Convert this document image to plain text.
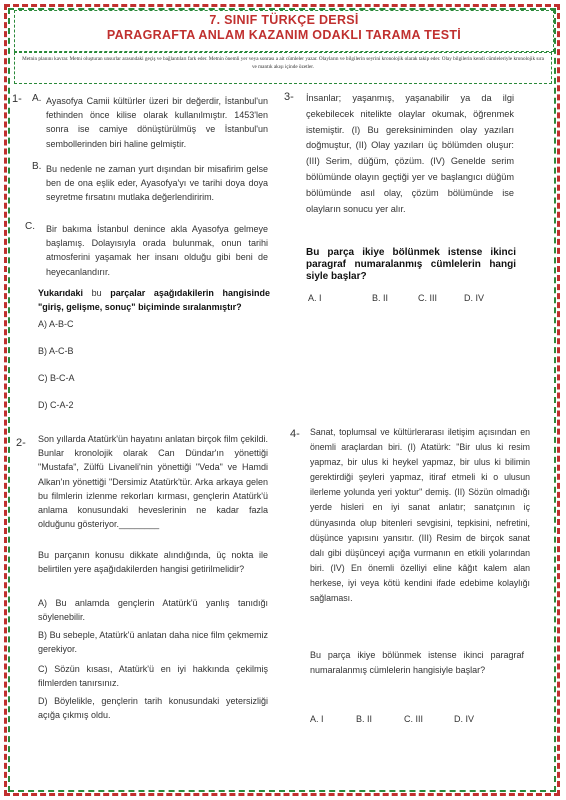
7. SINIF TÜRKÇE DERSİ
PARAGRAFTA ANLAM KAZANIM ODAKLI TARAMA TESTİ
Metnin planını kavrar. Metni oluşturan unsurlar arasındaki geçiş ve bağlantıları fark eder. Metnin önemli yer veya sonrası a ait cümleler yazar. Olayların ve bilgilerin seyrini kronolojik olarak takip eder. Olay bilgilerin kendi cümleleriyle kronolojik sıra ve mantık akışı içinde özetler.
1- A. Ayasofya Camii kültürler üzeri bir değerdir, İstanbul'un fethinden önce kilise olarak kullanılmıştır. 1453'len sonra ise camiye dönüştürülmüş ve İstanbul'un sembollerinden biri haline gelmiştir.

B. Bu nedenle ne zaman yurt dışından bir misafirim gelse ben de ona eşlik eder, Ayasofya'yı ve tarihi doya doya seyretme fırsatını mutlaka değerlendiririm.

C. Bir bakıma İstanbul denince akla Ayasofya gelmeye başlamış. Dolayısıyla orada bulunmak, onun tarihi atmosferini yaşamak her insanı olduğu gibi beni de heyecanlandırır.

Yukarıdaki bu parçalar aşağıdakilerin hangisinde "giriş, gelişme, sonuç" biçiminde sıralanmıştır?

A) A-B-C
B) A-C-B
C) B-C-A
D) C-A-2
2- Son yıllarda Atatürk'ün hayatını anlatan birçok film çekildi. Bunlar kronolojik olarak Can Dündar'ın yönettiği "Mustafa", Zülfü Livaneli'nin yönettiği "Veda" ve Hamdi Alkan'ın yönettiği "Dersimiz Atatürk'tür. Arka arkaya gelen bu filmlerin izlenme rekorları kırması, gençlerin Atatürk'ü anlama konusundaki heveslerinin ne kadar fazla olduğunu gösteriyor.________

Bu parçanın konusu dikkate alındığında, üç nokta ile belirtilen yere aşağıdakilerden hangisi getirilmelidir?

A) Bu anlamda gençlerin Atatürk'ü yanlış tanıdığı söylenebilir.

B) Bu sebeple, Atatürk'ü anlatan daha nice film çekmemiz gerekiyor.

C) Sözün kısası, Atatürk'ü en iyi hakkında çekilmiş filmlerden tanırsınız.

D) Böylelikle, gençlerin tarih konusundaki yetersizliği açığa çıkmış oldu.

3- İnsanlar; yaşanmış, yaşanabilir ya da ilgi çekebilecek nitelikte olaylar okumak, öğrenmek istemiştir. (I) Bu gereksiniminden olay yazıları doğmuştur, (II) Olay yazıları üç bölümden oluşur: (III) Serim, düğüm, çözüm. (IV) Genelde serim bölümünde olayın geçtiği yer ve başlangıcı düğüm bölümünde asıl olay, çözüm bölümünde ise olayların sonucu yer alır.

Bu parça ikiye bölünmek istense ikinci paragraf numaralanmış cümlelerin hangi siyle başlar?

A. I	B. II	C. III	D. IV
4- Sanat, toplumsal ve kültürlerarası iletişim açısından en önemli araçlardan biri. (I) Atatürk: "Bir ulus ki resim yapmaz, bir ulus ki heykel yapmaz, bir ulus ki bilimin gerektirdiği şeyleri yapmaz, itiraf etmeli ki o ulusun ilerleme yolunda yeri yoktur" demiş. (II) Sözün olmadığı yerde hisleri en iyi sanat anlatır; sanatçının iç dünyasında olup bitenleri sevgisini, tepkisini, nefretini, düşünce yapısını yansıtır. (III) Resim de birçok sanat dalı gibi düşünceyi açığa vurmanın en etkili yolarından biri. (IV) En önemli özelliyi eline kâğıt kalem alan herkese, iyi veya kötü kendini ifade edebime kolaylığı sağlaması.

Bu parça ikiye bölünmek istense ikinci paragraf numaralanmış cümlelerin hangisiyle başlar?

A. I	B. II	C. III	D. IV
